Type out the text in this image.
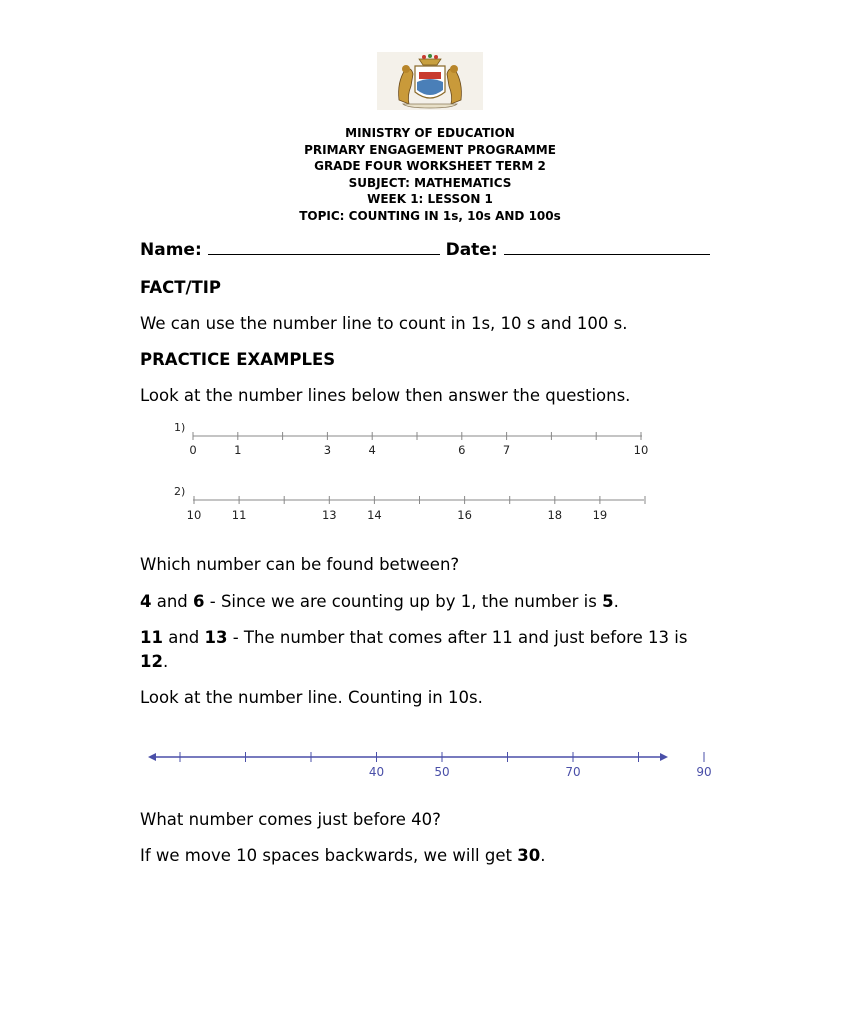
MINISTRY OF EDUCATION
PRIMARY ENGAGEMENT PROGRAMME
GRADE FOUR WORKSHEET TERM 2
SUBJECT: MATHEMATICS
WEEK 1: LESSON 1
TOPIC: COUNTING IN 1s, 10s AND 100s
Name:	Date:
FACT/TIP
We can use the number line to count in 1s, 10 s and 100 s.
PRACTICE EXAMPLES
Look at the number lines below then answer the questions.
1)
0	1	3	4	6	7	10
2)
10	11	13	14	16	18	19
Which number can be found between?
4 and 6 - Since we are counting up by 1, the number is 5.
11 and 13 - The number that comes after 11 and just before 13 is
12.
Look at the number line. Counting in 10s.
40	50	70	90
What number comes just before 40?
If we move 10 spaces backwards, we will get 30.
